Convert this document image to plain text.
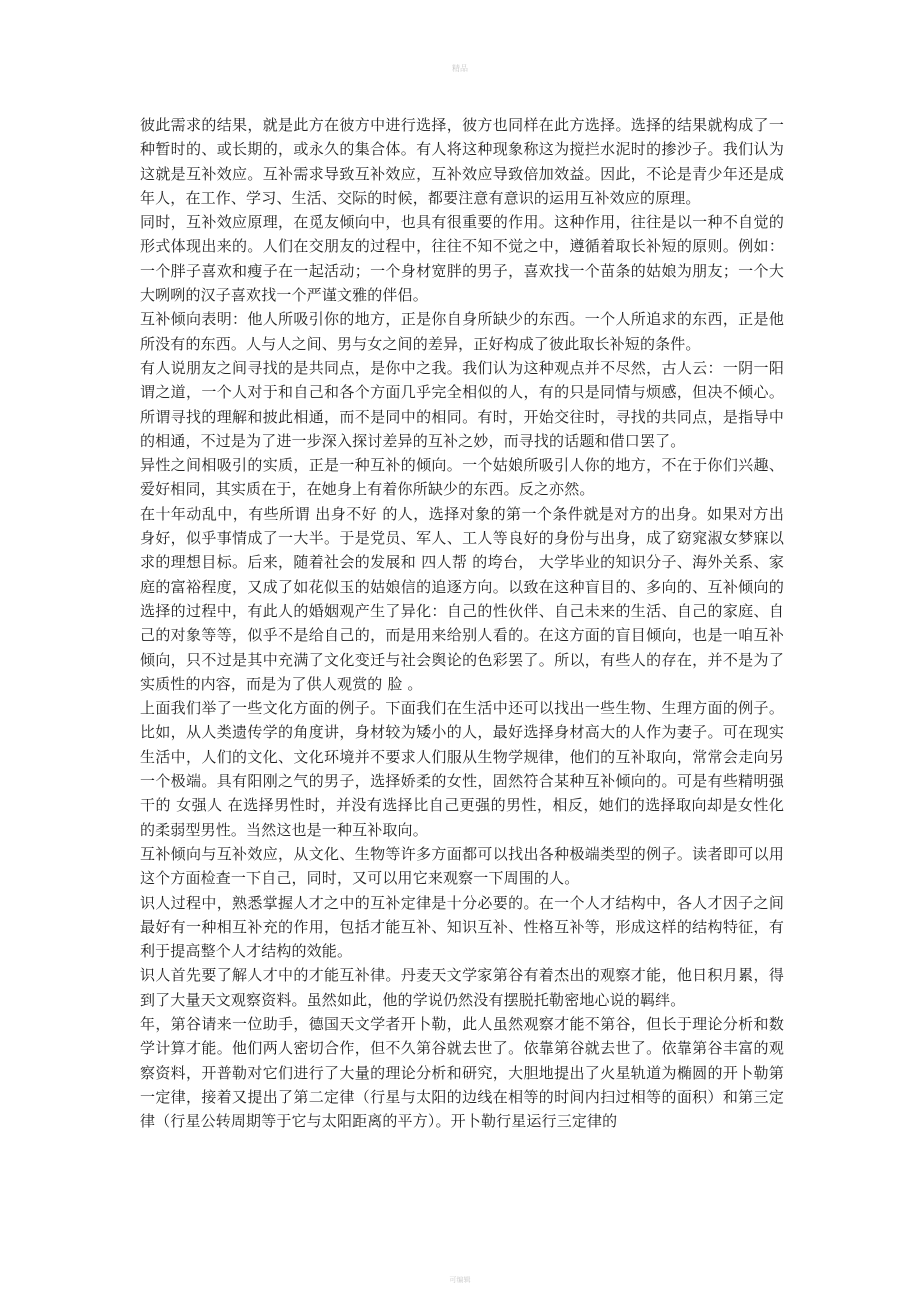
精品

彼此需求的结果，就是此方在彼方中进行选择，彼方也同样在此方选择。选择的结果就构成了一种暂时的、或长期的，或永久的集合体。有人将这种现象称这为搅拦水泥时的掺沙子。我们认为这就是互补效应。互补需求导致互补效应，互补效应导致倍加效益。因此，不论是青少年还是成年人，在工作、学习、生活、交际的时候，都要注意有意识的运用互补效应的原理。

同时，互补效应原理，在觅友倾向中，也具有很重要的作用。这种作用，往往是以一种不自觉的形式体现出来的。人们在交朋友的过程中，往往不知不觉之中，遵循着取长补短的原则。例如：一个胖子喜欢和瘦子在一起活动；一个身材宽胖的男子，喜欢找一个苗条的姑娘为朋友；一个大大咧咧的汉子喜欢找一个严谨文雅的伴侣。

互补倾向表明：他人所吸引你的地方，正是你自身所缺少的东西。一个人所追求的东西，正是他所没有的东西。人与人之间、男与女之间的差异，正好构成了彼此取长补短的条件。

有人说朋友之间寻找的是共同点，是你中之我。我们认为这种观点并不尽然，古人云：一阴一阳谓之道，一个人对于和自己和各个方面几乎完全相似的人，有的只是同情与烦感，但决不倾心。所谓寻找的理解和披此相通，而不是同中的相同。有时，开始交往时，寻找的共同点，是指导中的相通，不过是为了进一步深入探讨差异的互补之妙，而寻找的话题和借口罢了。

异性之间相吸引的实质，正是一种互补的倾向。一个姑娘所吸引人你的地方，不在于你们兴趣、爱好相同，其实质在于，在她身上有着你所缺少的东西。反之亦然。

在十年动乱中，有些所谓 出身不好 的人，选择对象的第一个条件就是对方的出身。如果对方出身好，似乎事情成了一大半。于是党员、军人、工人等良好的身份与出身，成了窈窕淑女梦寐以求的理想目标。后来，随着社会的发展和 四人帮 的垮台， 大学毕业的知识分子、海外关系、家庭的富裕程度，又成了如花似玉的姑娘信的追逐方向。以致在这种盲目的、多向的、互补倾向的选择的过程中，有此人的婚姻观产生了异化：自己的性伙伴、自己未来的生活、自己的家庭、自己的对象等等，似乎不是给自己的，而是用来给别人看的。在这方面的盲目倾向，也是一咱互补倾向，只不过是其中充满了文化变迁与社会舆论的色彩罢了。所以，有些人的存在，并不是为了实质性的内容，而是为了供人观赏的 脸 。

上面我们举了一些文化方面的例子。下面我们在生活中还可以找出一些生物、生理方面的例子。比如，从人类遗传学的角度讲，身材较为矮小的人，最好选择身材高大的人作为妻子。可在现实生活中，人们的文化、文化环境并不要求人们服从生物学规律，他们的互补取向，常常会走向另一个极端。具有阳刚之气的男子，选择娇柔的女性，固然符合某种互补倾向的。可是有些精明强干的 女强人 在选择男性时，并没有选择比自己更强的男性，相反，她们的选择取向却是女性化的柔弱型男性。当然这也是一种互补取向。

互补倾向与互补效应，从文化、生物等许多方面都可以找出各种极端类型的例子。读者即可以用这个方面检查一下自己，同时，又可以用它来观察一下周围的人。

识人过程中，熟悉掌握人才之中的互补定律是十分必要的。在一个人才结构中，各人才因子之间最好有一种相互补充的作用，包括才能互补、知识互补、性格互补等，形成这样的结构特征，有利于提高整个人才结构的效能。

识人首先要了解人才中的才能互补律。丹麦天文学家第谷有着杰出的观察才能，他日积月累，得到了大量天文观察资料。虽然如此，他的学说仍然没有摆脱托勒密地心说的羁绊。

年，第谷请来一位助手，德国天文学者开卜勒，此人虽然观察才能不第谷，但长于理论分析和数学计算才能。他们两人密切合作，但不久第谷就去世了。依靠第谷就去世了。依靠第谷丰富的观察资料，开普勒对它们进行了大量的理论分析和研究，大胆地提出了火星轨道为椭圆的开卜勒第一定律，接着又提出了第二定律（行星与太阳的边线在相等的时间内扫过相等的面积）和第三定律（行星公转周期等于它与太阳距离的平方）。开卜勒行星运行三定律的

可编辑
